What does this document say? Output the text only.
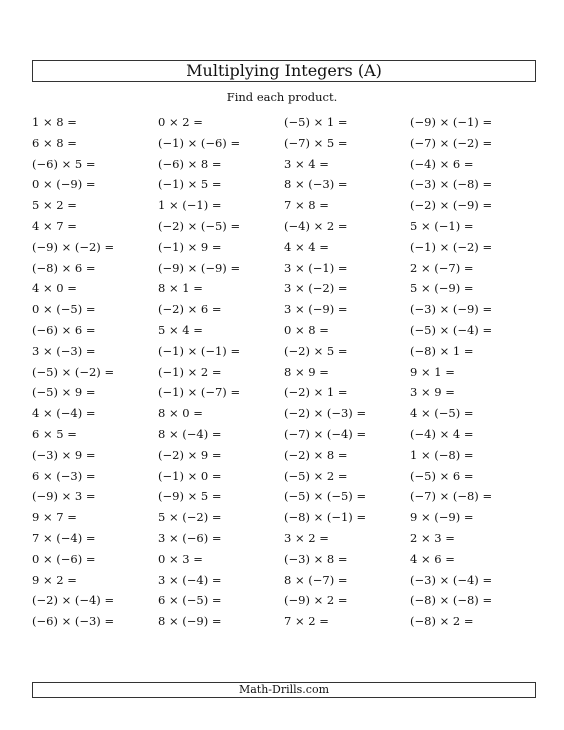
Multiplying Integers (A)
Find each product.
1 × 8 =	0 × 2 =	(−5) × 1 =	(−9) × (−1) =
6 × 8 =	(−1) × (−6) =	(−7) × 5 =	(−7) × (−2) =
(−6) × 5 =	(−6) × 8 =	3 × 4 =	(−4) × 6 =
0 × (−9) =	(−1) × 5 =	8 × (−3) =	(−3) × (−8) =
5 × 2 =	1 × (−1) =	7 × 8 =	(−2) × (−9) =
4 × 7 =	(−2) × (−5) =	(−4) × 2 =	5 × (−1) =
(−9) × (−2) =	(−1) × 9 =	4 × 4 =	(−1) × (−2) =
(−8) × 6 =	(−9) × (−9) =	3 × (−1) =	2 × (−7) =
4 × 0 =	8 × 1 =	3 × (−2) =	5 × (−9) =
0 × (−5) =	(−2) × 6 =	3 × (−9) =	(−3) × (−9) =
(−6) × 6 =	5 × 4 =	0 × 8 =	(−5) × (−4) =
3 × (−3) =	(−1) × (−1) =	(−2) × 5 =	(−8) × 1 =
(−5) × (−2) =	(−1) × 2 =	8 × 9 =	9 × 1 =
(−5) × 9 =	(−1) × (−7) =	(−2) × 1 =	3 × 9 =
4 × (−4) =	8 × 0 =	(−2) × (−3) =	4 × (−5) =
6 × 5 =	8 × (−4) =	(−7) × (−4) =	(−4) × 4 =
(−3) × 9 =	(−2) × 9 =	(−2) × 8 =	1 × (−8) =
6 × (−3) =	(−1) × 0 =	(−5) × 2 =	(−5) × 6 =
(−9) × 3 =	(−9) × 5 =	(−5) × (−5) =	(−7) × (−8) =
9 × 7 =	5 × (−2) =	(−8) × (−1) =	9 × (−9) =
7 × (−4) =	3 × (−6) =	3 × 2 =	2 × 3 =
0 × (−6) =	0 × 3 =	(−3) × 8 =	4 × 6 =
9 × 2 =	3 × (−4) =	8 × (−7) =	(−3) × (−4) =
(−2) × (−4) =	6 × (−5) =	(−9) × 2 =	(−8) × (−8) =
(−6) × (−3) =	8 × (−9) =	7 × 2 =	(−8) × 2 =
Math-Drills.com
